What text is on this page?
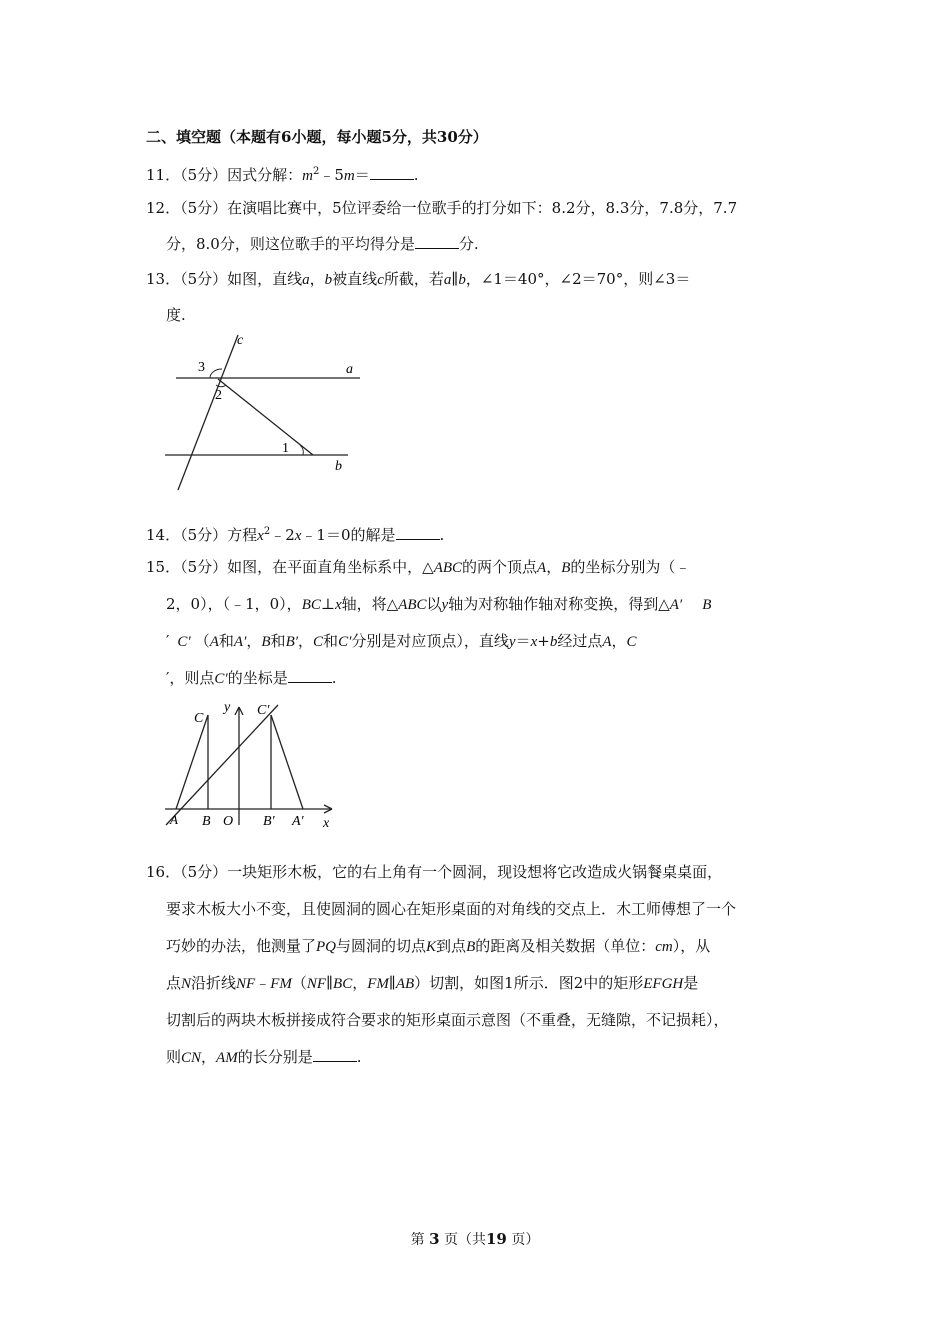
二、填空题（本题有6小题，每小题5分，共30分）
11．（5分）因式分解：$m^2﹣5m=$	.
12．（5分）在演唱比赛中，5位评委给一位歌手的打分如下：8.2分，8.3分，7.8分，7.7
分，8.0分，则这位歌手的平均得分是	分.
13．（5分）如图，直线a，b被直线c所截，若a∥b，∠1＝40°，∠2＝70°，则∠3＝
度.
3
2
1
a
b
c
14．（5分）方程$x^2﹣2x﹣1=0$的解是	.
15．（5分）如图，在平面直角坐标系中，△ABC的两个顶点A，B的坐标分别为（﹣
2，0），（﹣1，0），BC⊥x轴，将△ABC以y轴为对称轴作轴对称变换，得到△A′ B
′ C′ （A和A′，B和B′，C和C′分别是对应顶点），直线y＝x+b经过点A，C
′，则点C′的坐标是	.
C
C′
y
A B O B′ A′ x
16．（5分）一块矩形木板，它的右上角有一个圆洞，现设想将它改造成火锅餐桌桌面，
要求木板大小不变，且使圆洞的圆心在矩形桌面的对角线的交点上．木工师傅想了一个
巧妙的办法，他测量了PQ与圆洞的切点K到点B的距离及相关数据（单位：cm），从
点N沿折线NF﹣FM（NF∥BC，FM∥AB）切割，如图1所示．图2中的矩形EFGH是
切割后的两块木板拼接成符合要求的矩形桌面示意图（不重叠，无缝隙，不记损耗），
则CN，AM的长分别是	.
第 3 页（共19 页）
